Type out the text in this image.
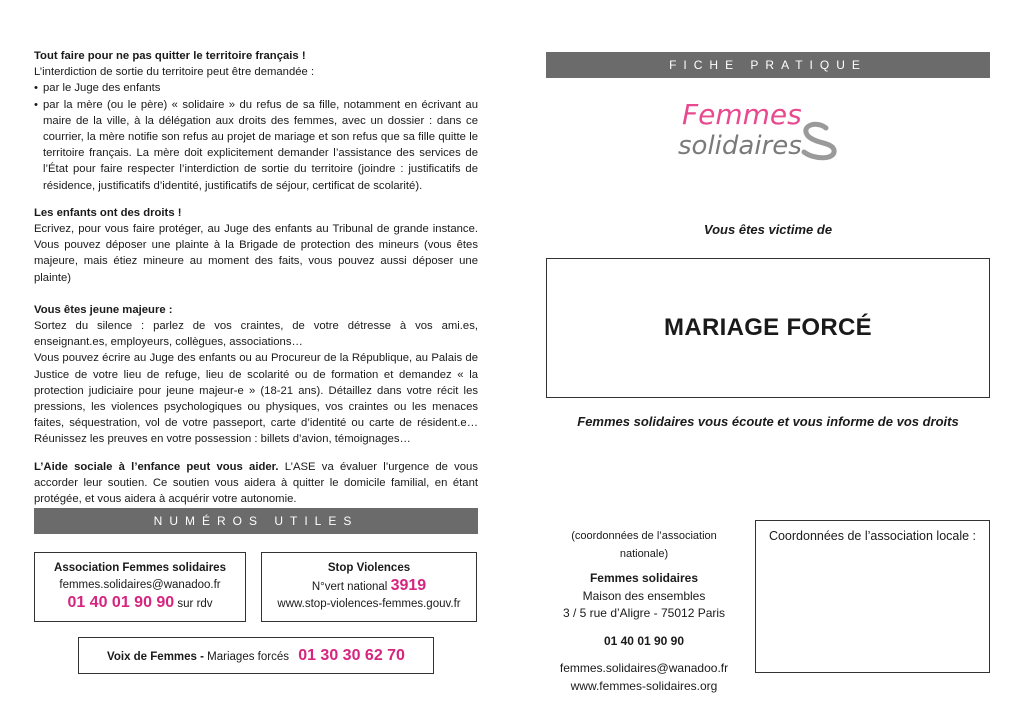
Tout faire pour ne pas quitter le territoire français !

L’interdiction de sortie du territoire peut être demandée :

• par le Juge des enfants
• par la mère (ou le père) « solidaire » du refus de sa fille, notamment en écrivant au maire de la ville, à la délégation aux droits des femmes, avec un dossier : dans ce courrier, la mère notifie son refus au projet de mariage et son refus que sa fille quitte le territoire français. La mère doit explicitement demander l’assistance des services de l’État pour faire respecter l’interdiction de sortie du territoire (joindre : justificatifs de résidence, justificatifs d’identité, justificatifs de séjour, certificat de scolarité).

Les enfants ont des droits !

Ecrivez, pour vous faire protéger, au Juge des enfants au Tribunal de grande instance. Vous pouvez déposer une plainte à la Brigade de protection des mineurs (vous êtes majeure, mais étiez mineure au moment des faits, vous pouvez aussi déposer une plainte)

Vous êtes jeune majeure :

Sortez du silence : parlez de vos craintes, de votre détresse à vos ami.es, enseignant.es, employeurs, collègues, associations…

Vous pouvez écrire au Juge des enfants ou au Procureur de la République, au Palais de Justice de votre lieu de refuge, lieu de scolarité ou de formation et demandez « la protection judiciaire pour jeune majeur-e » (18-21 ans). Détaillez dans votre récit les pressions, les violences psychologiques ou physiques, vos craintes ou les menaces faites, séquestration, vol de votre passeport, carte d’identité ou carte de résident.e… Réunissez les preuves en votre possession : billets d’avion, témoignages…

L’Aide sociale à l’enfance peut vous aider. L’ASE va évaluer l’urgence de vous accorder leur soutien. Ce soutien vous aidera à quitter le domicile familial, en étant protégée, et vous aidera à acquérir votre autonomie.

NUMÉROS UTILES
Association Femmes solidaires
femmes.solidaires@wanadoo.fr
01 40 01 90 90 sur rdv
Stop Violences
N°vert national 3919
www.stop-violences-femmes.gouv.fr
Voix de Femmes - Mariages forcés 01 30 30 62 70
FICHE PRATIQUE
Femmes
solidaires
Vous êtes victime de
MARIAGE FORCÉ
Femmes solidaires vous écoute et vous informe de vos droits
(coordonnées de l’association nationale)
Femmes solidaires
Maison des ensembles
3 / 5 rue d’Aligre - 75012 Paris
01 40 01 90 90
femmes.solidaires@wanadoo.fr
www.femmes-solidaires.org
Coordonnées de l’association locale :
